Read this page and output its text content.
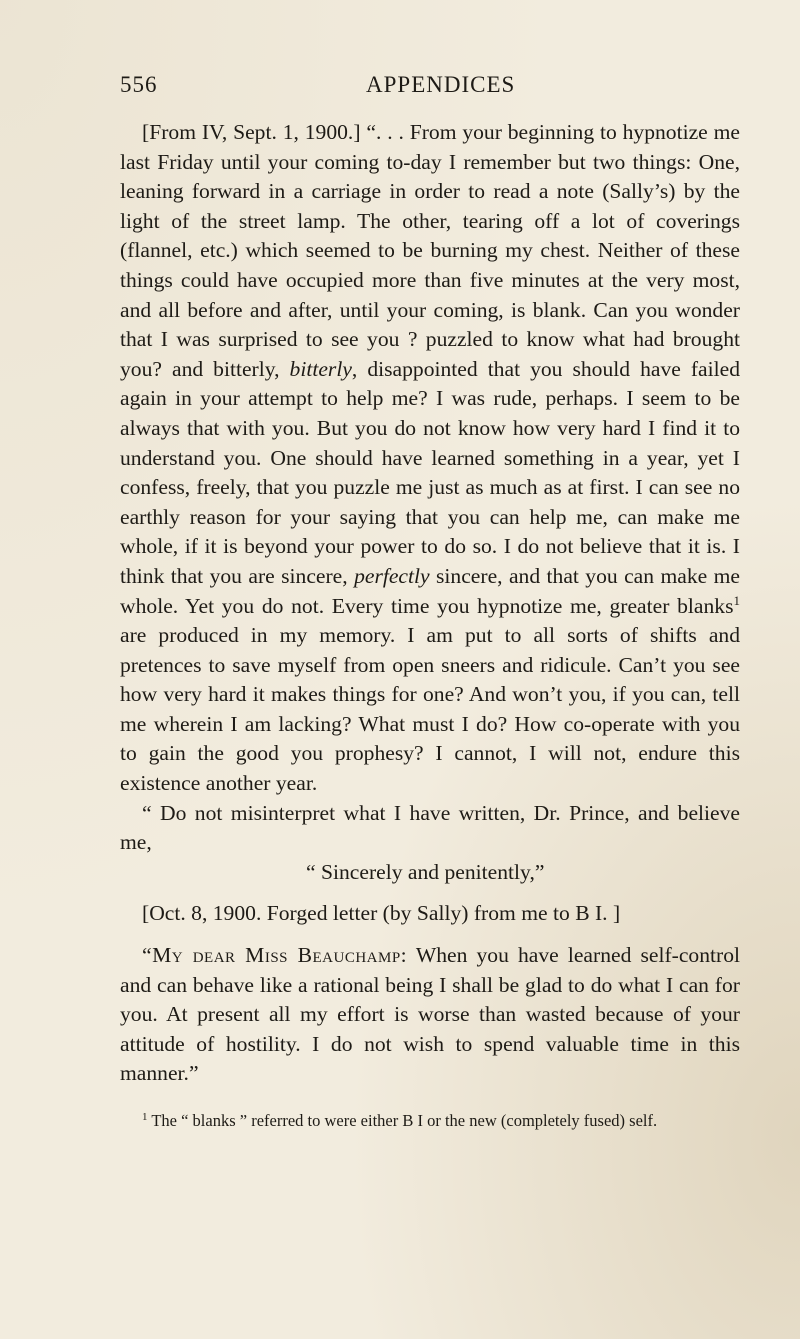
556	APPENDICES

[From IV, Sept. 1, 1900.] “. . . From your beginning to hypnotize me last Friday until your coming to-day I remember but two things: One, leaning forward in a carriage in order to read a note (Sally’s) by the light of the street lamp. The other, tearing off a lot of coverings (flannel, etc.) which seemed to be burning my chest. Neither of these things could have occupied more than five minutes at the very most, and all before and after, until your coming, is blank. Can you wonder that I was surprised to see you ? puzzled to know what had brought you? and bitterly, bitterly, disappointed that you should have failed again in your attempt to help me? I was rude, perhaps. I seem to be always that with you. But you do not know how very hard I find it to understand you. One should have learned something in a year, yet I confess, freely, that you puzzle me just as much as at first. I can see no earthly reason for your saying that you can help me, can make me whole, if it is beyond your power to do so. I do not believe that it is. I think that you are sincere, perfectly sincere, and that you can make me whole. Yet you do not. Every time you hypnotize me, greater blanks$^1$ are produced in my memory. I am put to all sorts of shifts and pretences to save myself from open sneers and ridicule. Can’t you see how very hard it makes things for one? And won’t you, if you can, tell me wherein I am lacking? What must I do? How co-operate with you to gain the good you prophesy? I cannot, I will not, endure this existence another year.

“ Do not misinterpret what I have written, Dr. Prince, and believe me,

“ Sincerely and penitently,”

[Oct. 8, 1900. Forged letter (by Sally) from me to B I. ]

“My dear Miss Beauchamp: When you have learned self-control and can behave like a rational being I shall be glad to do what I can for you. At present all my effort is worse than wasted because of your attitude of hostility. I do not wish to spend valuable time in this manner.”

$^1$ The “ blanks ” referred to were either B I or the new (completely fused) self.
